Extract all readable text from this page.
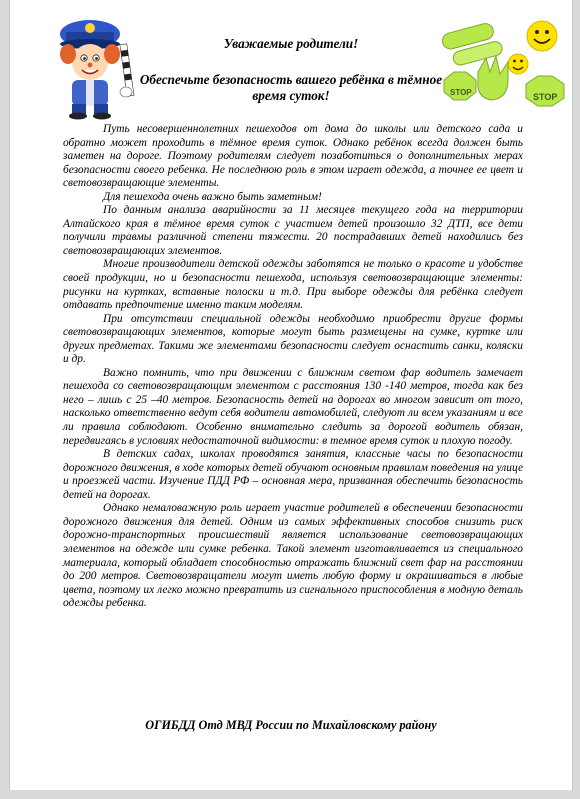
Уважаемые родители!
Обеспечьте безопасность вашего ребёнка в тёмное время суток!	STOP	STOP

Путь несовершеннолетних пешеходов от дома до школы или детского сада и обратно может проходить в тёмное время суток. Однако ребёнок всегда должен быть заметен на дороге. Поэтому родителям следует позаботиться о дополнительных мерах безопасности своего ребенка. Не последнюю роль в этом играет одежда, а точнее ее цвет и световозвращающие элементы.

Для пешехода очень важно быть заметным!

По данным анализа аварийности за 11 месяцев текущего года на территории Алтайского края в тёмное время суток с участием детей произошло 32 ДТП, все дети получили травмы различной степени тяжести. 20 пострадавших детей находились без световозвращающих элементов.

Многие производители детской одежды заботятся не только о красоте и удобстве своей продукции, но и безопасности пешехода, используя световозвращающие элементы: рисунки на куртках, вставные полоски и т.д. При выборе одежды для ребёнка следует отдавать предпочтение именно таким моделям.

При отсутствии специальной одежды необходимо приобрести другие формы световозвращающих элементов, которые могут быть размещены на сумке, куртке или других предметах. Такими же элементами безопасности следует оснастить санки, коляски и др.

Важно помнить, что при движении с ближним светом фар водитель замечает пешехода со световозвращающим элементом с расстояния 130 -140 метров, тогда как без него – лишь с 25 –40 метров. Безопасность детей на дорогах во многом зависит от того, насколько ответственно ведут себя водители автомобилей, следуют ли всем указаниям и все ли правила соблюдают. Особенно внимательно следить за дорогой водитель обязан, передвигаясь в условиях недостаточной видимости: в темное время суток и плохую погоду.

В детских садах, школах проводятся занятия, классные часы по безопасности дорожного движения, в ходе которых детей обучают основным правилам поведения на улице и проезжей части. Изучение ПДД РФ – основная мера, призванная обеспечить безопасность детей на дорогах.

Однако немаловажную роль играет участие родителей в обеспечении безопасности дорожного движения для детей. Одним из самых эффективных способов снизить риск дорожно-транспортных происшествий является использование световозвращающих элементов на одежде или сумке ребенка. Такой элемент изготавливается из специального материала, который обладает способностью отражать ближний свет фар на расстоянии до 200 метров. Световозвращатели могут иметь любую форму и окрашиваться в любые цвета, поэтому их легко можно превратить из сигнального приспособления в модную деталь одежды ребенка.

ОГИБДД Отд МВД России по Михайловскому району
